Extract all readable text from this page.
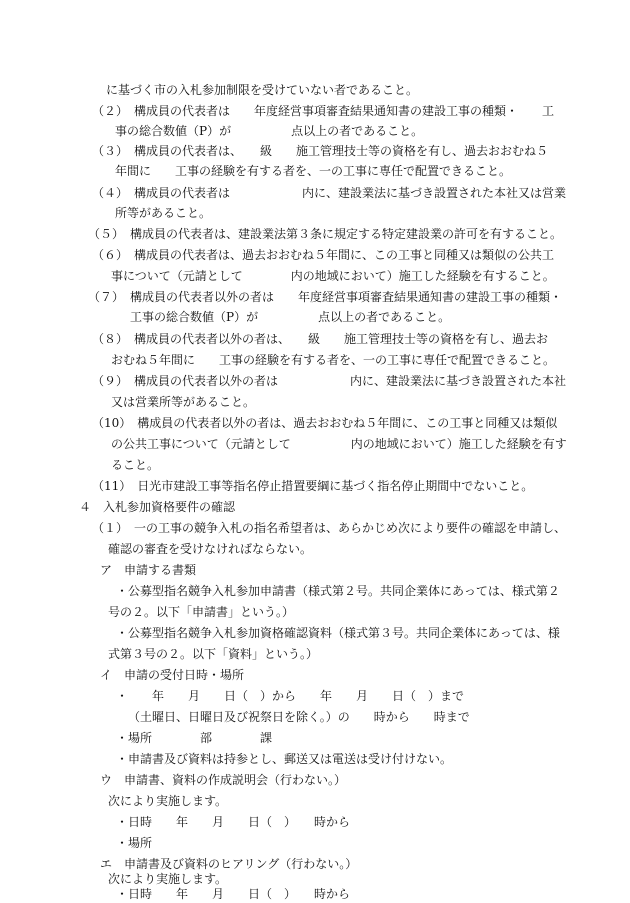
に基づく市の入札参加制限を受けていない者であること。
（２）　構成員の代表者は　　年度経営事項審査結果通知書の建設工事の種類・　　工
事の総合数値（P）が　　　　　点以上の者であること。
（３）　構成員の代表者は、　　級　　施工管理技士等の資格を有し、過去おおむね５
年間に　　工事の経験を有する者を、一の工事に専任で配置できること。
（４）　構成員の代表者は　　　　　　内に、建設業法に基づき設置された本社又は営業
所等があること。
（５）　構成員の代表者は、建設業法第３条に規定する特定建設業の許可を有すること。
（６）　構成員の代表者は、過去おおむね５年間に、この工事と同種又は類似の公共工
事について（元請として　　　　内の地域において）施工した経験を有すること。
（７）　構成員の代表者以外の者は　　年度経営事項審査結果通知書の建設工事の種類・
工事の総合数値（P）が　　　　　点以上の者であること。
（８）　構成員の代表者以外の者は、　　級　　施工管理技士等の資格を有し、過去お
おむね５年間に　　工事の経験を有する者を、一の工事に専任で配置できること。
（９）　構成員の代表者以外の者は　　　　　　内に、建設業法に基づき設置された本社
又は営業所等があること。
（10）　構成員の代表者以外の者は、過去おおむね５年間に、この工事と同種又は類似
の公共工事について（元請として　　　　　内の地域において）施工した経験を有す
ること。
（11）　日光市建設工事等指名停止措置要綱に基づく指名停止期間中でないこと。
４　入札参加資格要件の確認
（１）　一の工事の競争入札の指名希望者は、あらかじめ次により要件の確認を申請し、
確認の審査を受けなければならない。
ア　申請する書類
・公募型指名競争入札参加申請書（様式第２号。共同企業体にあっては、様式第２
号の２。以下「申請書」という。）
・公募型指名競争入札参加資格確認資料（様式第３号。共同企業体にあっては、様
式第３号の２。以下「資料」という。）
イ　申請の受付日時・場所
・　　年　　月　　日（　）から　　年　　月　　日（　）まで
（土曜日、日曜日及び祝祭日を除く。）の　　時から　　時まで
・場所　　　　部　　　　課
・申請書及び資料は持参とし、郵送又は電送は受け付けない。
ウ　申請書、資料の作成説明会（行わない。）
次により実施します。
・日時　　年　　月　　日（　）　　時から
・場所
エ　申請書及び資料のヒアリング（行わない。）
次により実施します。
・日時　　年　　月　　日（　）　　時から
